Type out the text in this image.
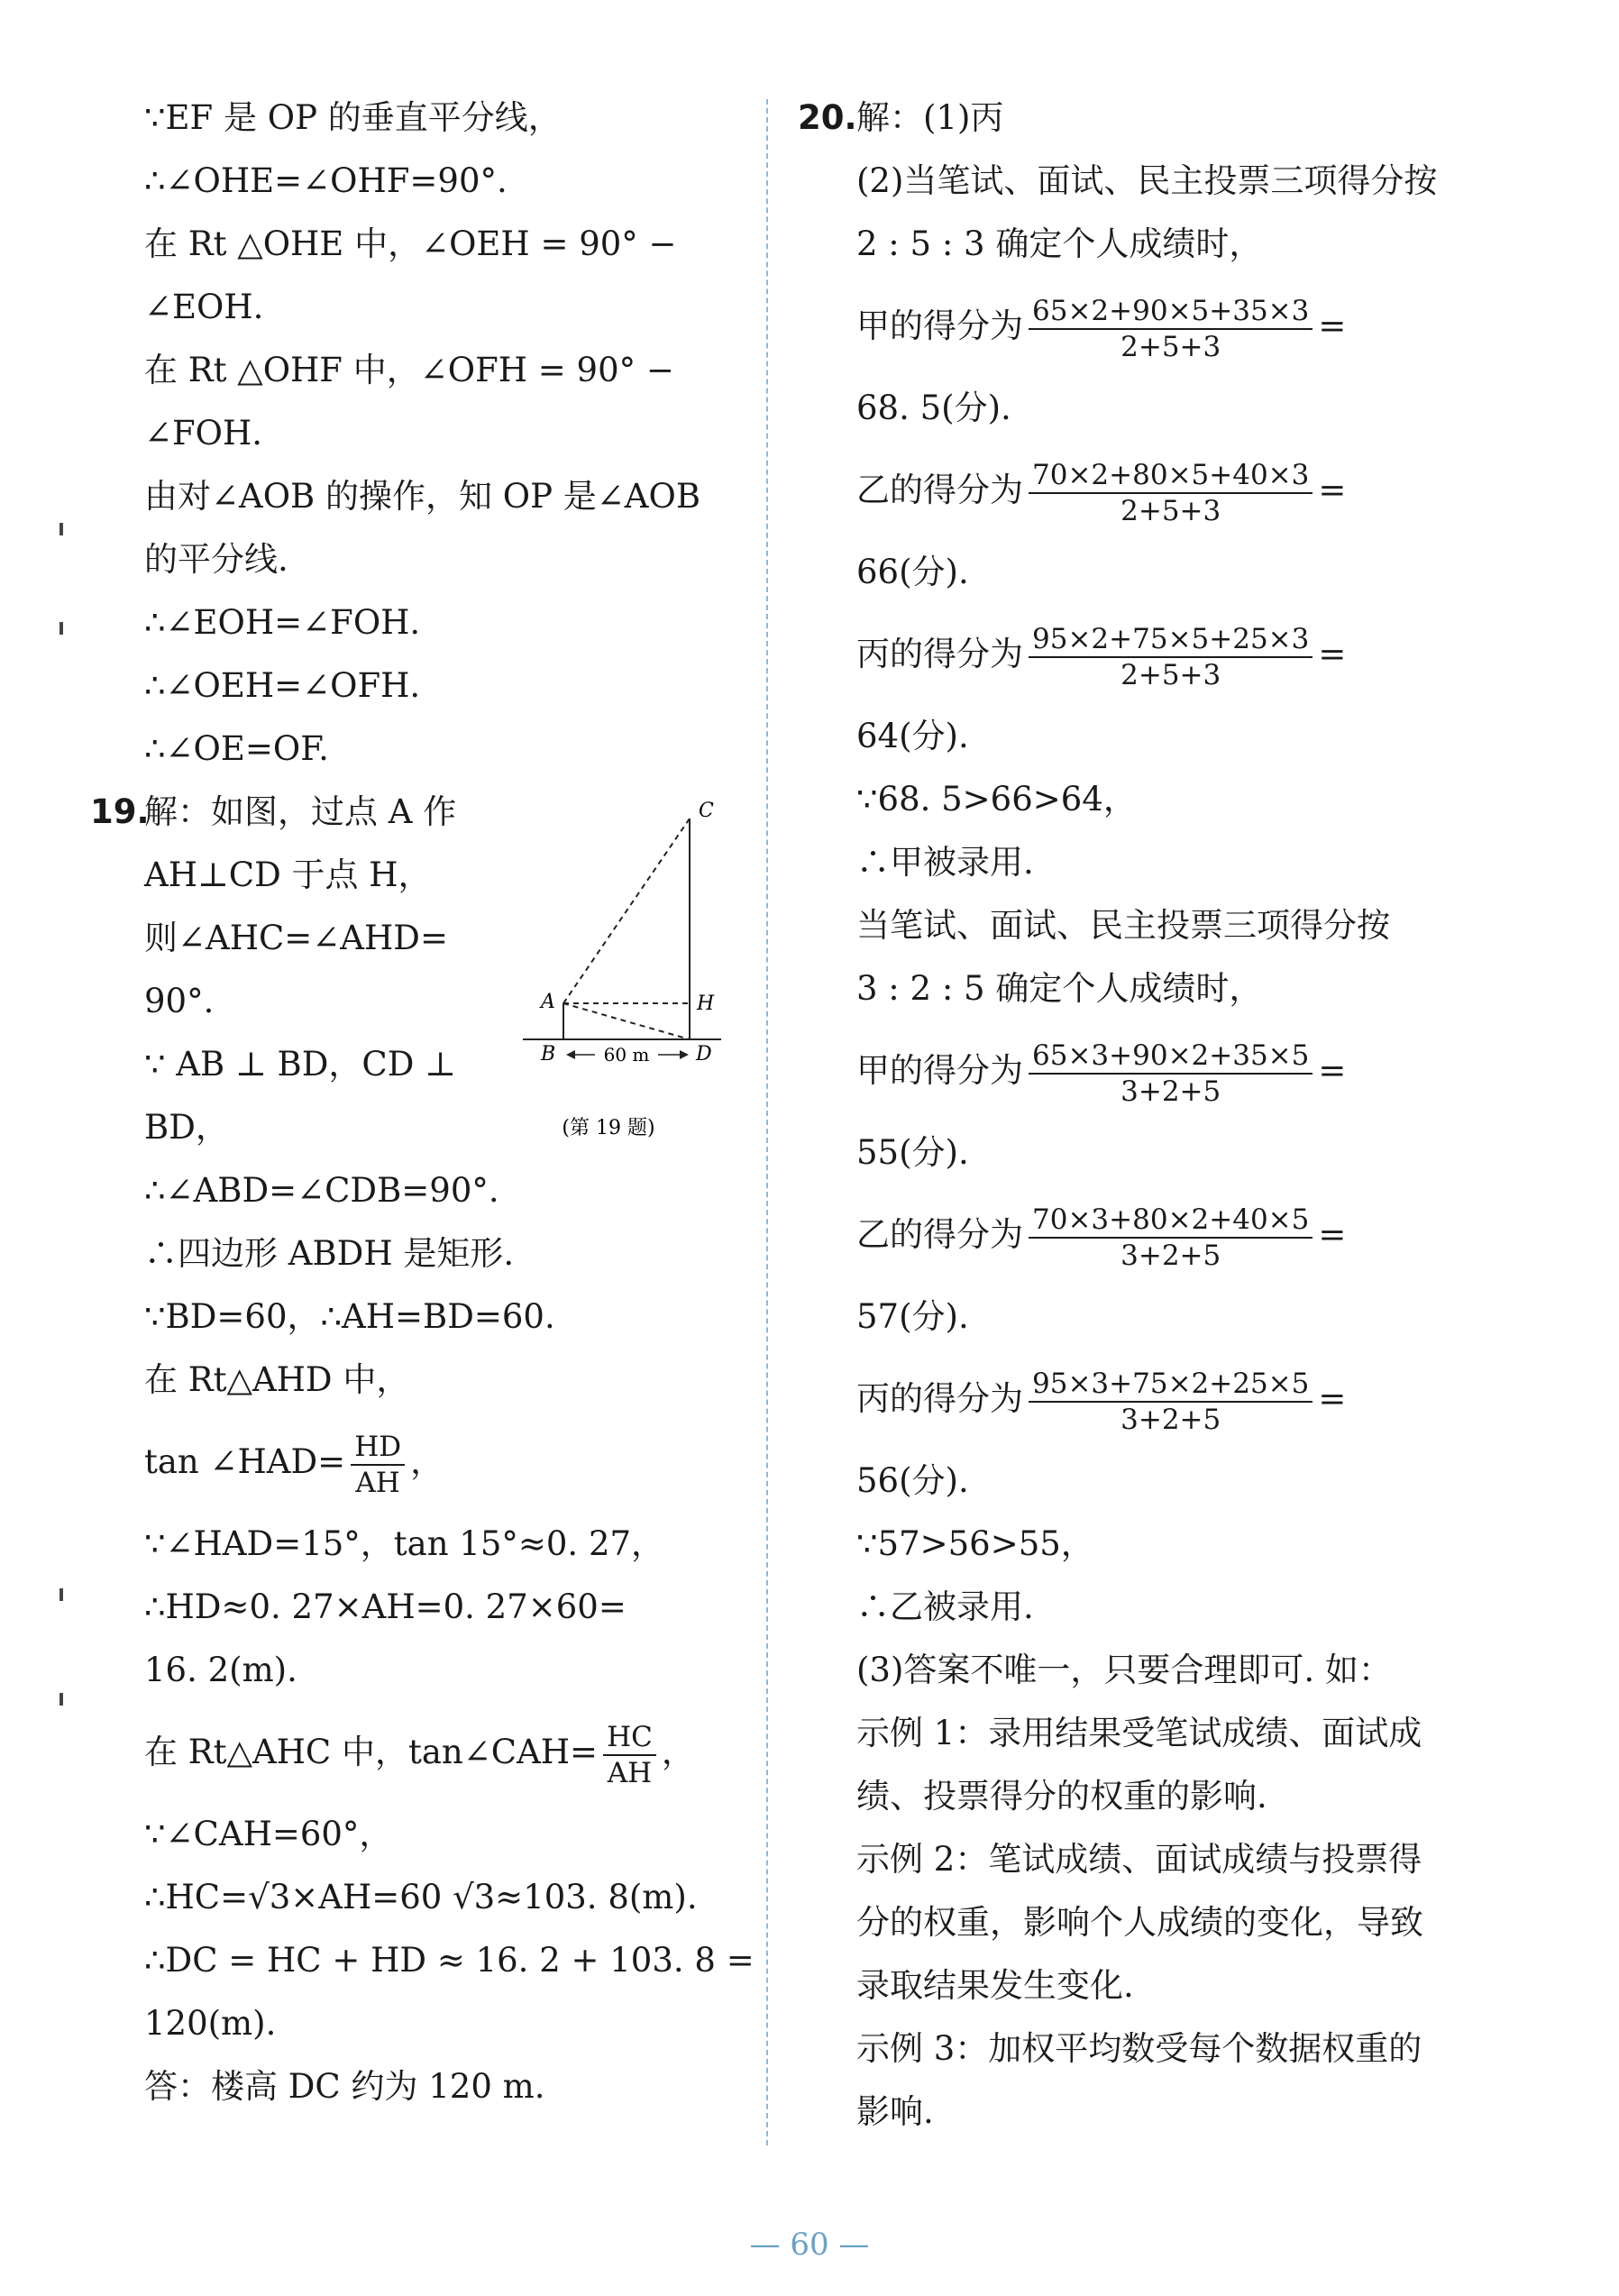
∵EF 是 OP 的垂直平分线，
∴∠OHE=∠OHF=90°.
在 Rt △OHE 中，∠OEH = 90° −
∠EOH.
在 Rt △OHF 中，∠OFH = 90° −
∠FOH.
由对∠AOB 的操作，知 OP 是∠AOB
的平分线.
∴∠EOH=∠FOH.
∴∠OEH=∠OFH.
∴∠OE=OF.
19.解：如图，过点 A 作
AH⊥CD 于点 H，
则∠AHC=∠AHD=
90°.
∵ AB ⊥ BD，CD ⊥
BD，
∴∠ABD=∠CDB=90°.
∴四边形 ABDH 是矩形.
∵BD=60，∴AH=BD=60.
在 Rt△AHD 中，
tan ∠HAD= $\frac{HD}{AH}$ ，
∵∠HAD=15°，tan 15°≈0. 27，
∴HD≈0. 27×AH=0. 27×60=
16. 2(m).
在 Rt△AHC 中，tan∠CAH= $\frac{HC}{AH}$ ，
∵∠CAH=60°，
∴HC=√3×AH=60 √3≈103. 8(m).
∴DC = HC + HD ≈ 16. 2 + 103. 8 =
120(m).
答：楼高 DC 约为 120 m.
C
A	H
B	D
60 m
(第 19 题)
20.解：(1)丙
(2)当笔试、面试、民主投票三项得分按
2 : 5 : 3 确定个人成绩时，
甲的得分为 $\frac{65\times 2+90\times 5+35\times 3}{2+5+3}$ =
68. 5(分).
乙的得分为 $\frac{70\times 2+80\times 5+40\times 3}{2+5+3}$ =
66(分).
丙的得分为 $\frac{95\times 2+75\times 5+25\times 3}{2+5+3}$ =
64(分).
∵68. 5>66>64，
∴甲被录用.
当笔试、面试、民主投票三项得分按
3 : 2 : 5 确定个人成绩时，
甲的得分为 $\frac{65\times 3+90\times 2+35\times 5}{3+2+5}$ =
55(分).
乙的得分为 $\frac{70\times 3+80\times 2+40\times 5}{3+2+5}$ =
57(分).
丙的得分为 $\frac{95\times 3+75\times 2+25\times 5}{3+2+5}$ =
56(分).
∵57>56>55，
∴乙被录用.
(3)答案不唯一，只要合理即可. 如：
示例 1：录用结果受笔试成绩、面试成
绩、投票得分的权重的影响.
示例 2：笔试成绩、面试成绩与投票得
分的权重，影响个人成绩的变化，导致
录取结果发生变化.
示例 3：加权平均数受每个数据权重的
影响.
— 60 —
